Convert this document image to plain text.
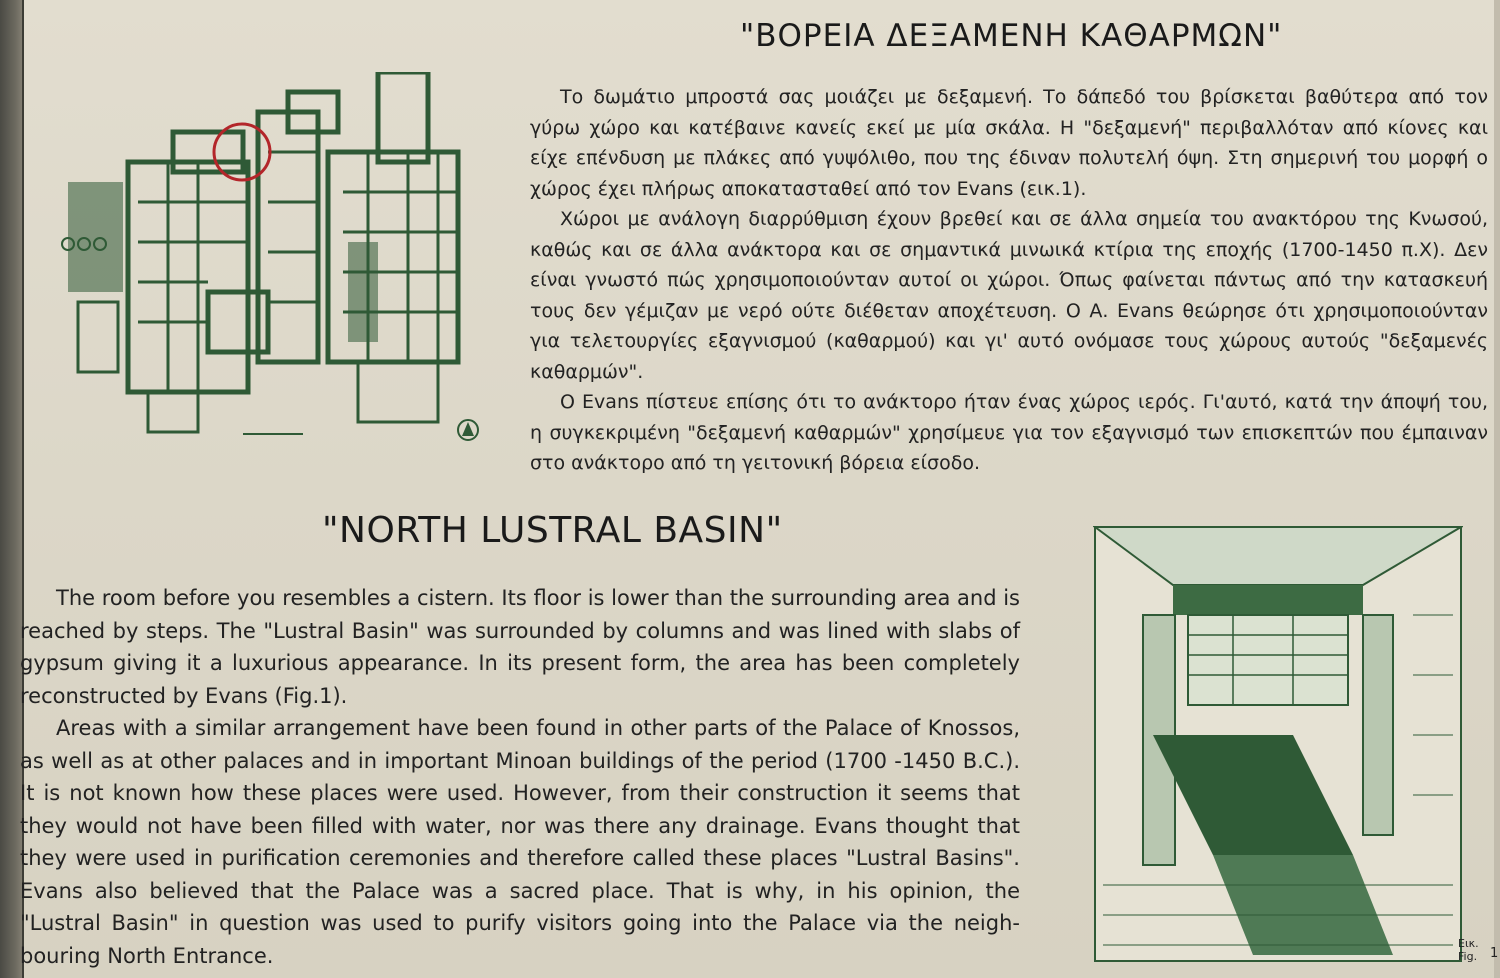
"ΒΟΡΕΙΑ ΔΕΞΑΜΕΝΗ ΚΑΘΑΡΜΩΝ"

Το δωμάτιο μπροστά σας μοιάζει με δεξαμενή. Το δάπεδό του βρίσκεται βαθύτερα από τον γύρω χώρο και κατέβαινε κανείς εκεί με μία σκάλα. Η "δεξαμενή" περιβαλλόταν από κίονες και είχε επένδυση με πλάκες από γυψόλιθο, που της έδιναν πολυτελή όψη. Στη σημερινή του μορφή ο χώρος έχει πλήρως αποκατασταθεί από τον Evans (εικ.1).

Χώροι με ανάλογη διαρρύθμιση έχουν βρεθεί και σε άλλα σημεία του ανακτόρου της Κνωσού, καθώς και σε άλλα ανάκτορα και σε σημαντικά μινωικά κτίρια της εποχής (1700-1450 π.Χ). Δεν είναι γνωστό πώς χρησιμοποιούνταν αυτοί οι χώροι. Όπως φαίνεται πάντως από την κατασκευή τους δεν γέμιζαν με νερό ούτε διέθεταν αποχέτευση. Ο Α. Evans θεώρησε ότι χρησιμοποιούνταν για τελετουργίες εξαγνισμού (καθαρμού) και γι' αυτό ονόμασε τους χώρους αυτούς "δεξαμενές καθαρμών".

Ο Evans πίστευε επίσης ότι το ανάκτορο ήταν ένας χώρος ιερός. Γι'αυτό, κατά την άποψή του, η συγκεκριμένη "δεξαμενή καθαρμών" χρησίμευε για τον εξαγνισμό των επισκεπτών που έμπαιναν στο ανάκτορο από τη γειτονική βόρεια είσοδο.

"NORTH LUSTRAL BASIN"

The room before you resembles a cistern. Its floor is lower than the surrounding area and is reached by steps. The "Lustral Basin" was surrounded by columns and was lined with slabs of gypsum giving it a luxurious appearance. In its present form, the area has been completely reconstructed by Evans (Fig.1).

Areas with a similar arrangement have been found in other parts of the Palace of Knossos, as well as at other palaces and in important Minoan buildings of the period (1700 -1450 B.C.). It is not known how these places were used. However, from their construction it seems that they would not have been filled with water, nor was there any drainage. Evans thought that they were used in purification ceremonies and therefore called these places "Lustral Basins". Evans also believed that the Palace was a sacred place. That is why, in his opinion, the "Lustral Basin" in question was used to purify visitors going into the Palace via the neigh-bouring North Entrance.	Εικ.
Fig. 1
